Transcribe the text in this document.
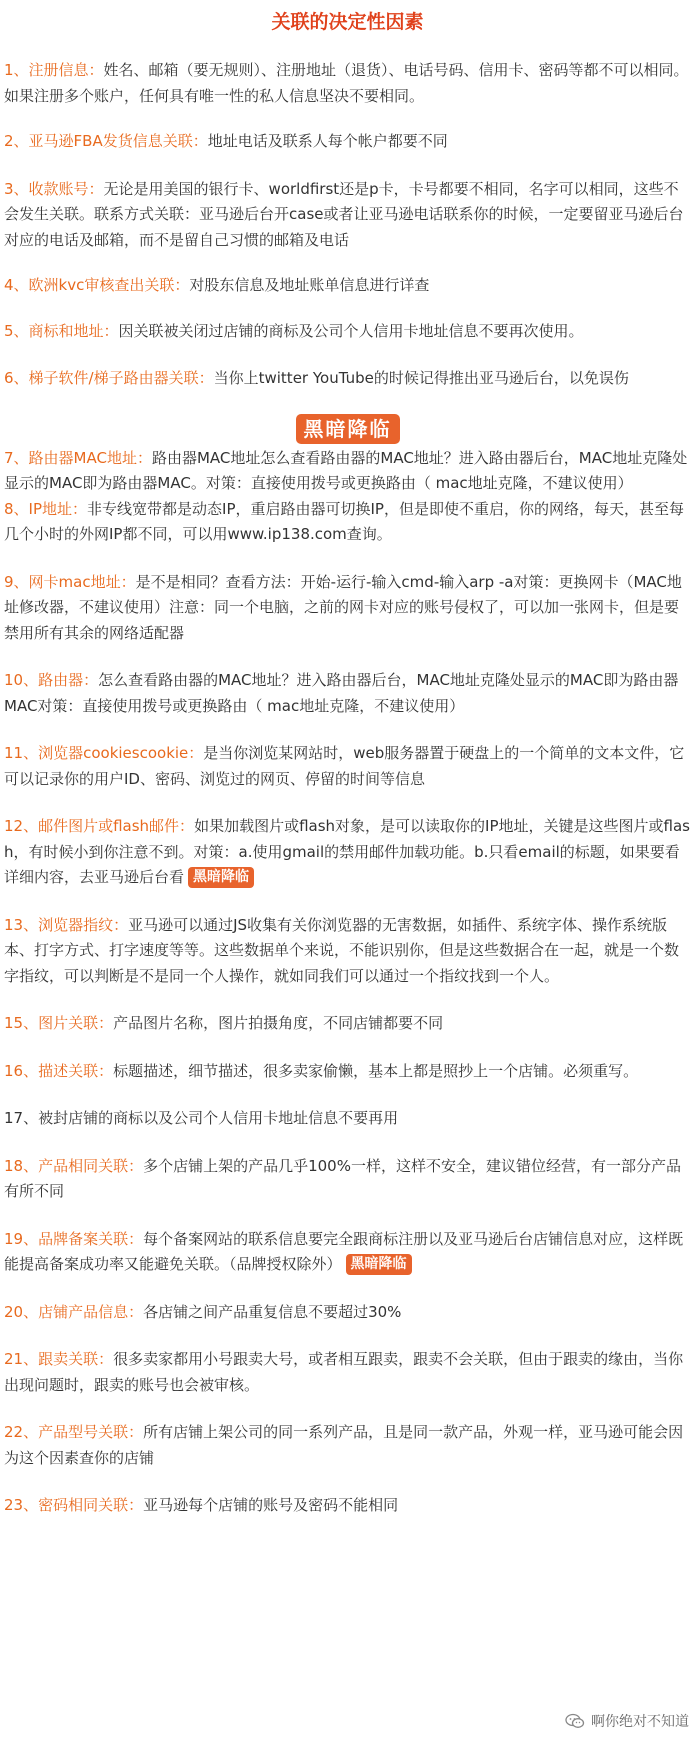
关联的决定性因素

1、注册信息：姓名、邮箱（要无规则）、注册地址（退货）、电话号码、信用卡、密码等都不可以相同。如果注册多个账户，任何具有唯一性的私人信息坚决不要相同。

2、亚马逊FBA发货信息关联：地址电话及联系人每个帐户都要不同

3、收款账号：无论是用美国的银行卡、worldfirst还是p卡，卡号都要不相同，名字可以相同，这些不会发生关联。联系方式关联：亚马逊后台开case或者让亚马逊电话联系你的时候，一定要留亚马逊后台对应的电话及邮箱，而不是留自己习惯的邮箱及电话

4、欧洲kvc审核查出关联：对股东信息及地址账单信息进行详查

5、商标和地址：因关联被关闭过店铺的商标及公司个人信用卡地址信息不要再次使用。

6、梯子软件/梯子路由器关联：当你上twitter YouTube的时候记得推出亚马逊后台，以免误伤

黑暗降临

7、路由器MAC地址：路由器MAC地址怎么查看路由器的MAC地址？进入路由器后台，MAC地址克隆处显示的MAC即为路由器MAC。对策：直接使用拨号或更换路由（ mac地址克隆，不建议使用）

8、IP地址：非专线宽带都是动态IP，重启路由器可切换IP，但是即使不重启，你的网络，每天，甚至每几个小时的外网IP都不同，可以用www.ip138.com查询。

9、网卡mac地址：是不是相同？查看方法：开始-运行-输入cmd-输入arp -a对策：更换网卡（MAC地址修改器，不建议使用）注意：同一个电脑，之前的网卡对应的账号侵权了，可以加一张网卡，但是要禁用所有其余的网络适配器

10、路由器：怎么查看路由器的MAC地址？进入路由器后台，MAC地址克隆处显示的MAC即为路由器MAC对策：直接使用拨号或更换路由（ mac地址克隆，不建议使用）

11、浏览器cookiescookie：是当你浏览某网站时，web服务器置于硬盘上的一个简单的文本文件，它可以记录你的用户ID、密码、浏览过的网页、停留的时间等信息

12、邮件图片或flash邮件：如果加载图片或flash对象，是可以读取你的IP地址，关键是这些图片或flash，有时候小到你注意不到。对策：a.使用gmail的禁用邮件加载功能。b.只看email的标题，如果要看详细内容，去亚马逊后台看 黑暗降临

13、浏览器指纹：亚马逊可以通过JS收集有关你浏览器的无害数据，如插件、系统字体、操作系统版本、打字方式、打字速度等等。这些数据单个来说，不能识别你，但是这些数据合在一起，就是一个数字指纹，可以判断是不是同一个人操作，就如同我们可以通过一个指纹找到一个人。

15、图片关联：产品图片名称，图片拍摄角度，不同店铺都要不同

16、描述关联：标题描述，细节描述，很多卖家偷懒，基本上都是照抄上一个店铺。必须重写。

17、被封店铺的商标以及公司个人信用卡地址信息不要再用

18、产品相同关联：多个店铺上架的产品几乎100%一样，这样不安全，建议错位经营，有一部分产品有所不同

19、品牌备案关联：每个备案网站的联系信息要完全跟商标注册以及亚马逊后台店铺信息对应，这样既能提高备案成功率又能避免关联。（品牌授权除外） 黑暗降临

20、店铺产品信息：各店铺之间产品重复信息不要超过30%

21、跟卖关联：很多卖家都用小号跟卖大号，或者相互跟卖，跟卖不会关联，但由于跟卖的缘由，当你出现问题时，跟卖的账号也会被审核。

22、产品型号关联：所有店铺上架公司的同一系列产品，且是同一款产品，外观一样，亚马逊可能会因为这个因素查你的店铺

23、密码相同关联：亚马逊每个店铺的账号及密码不能相同

啊你绝对不知道
